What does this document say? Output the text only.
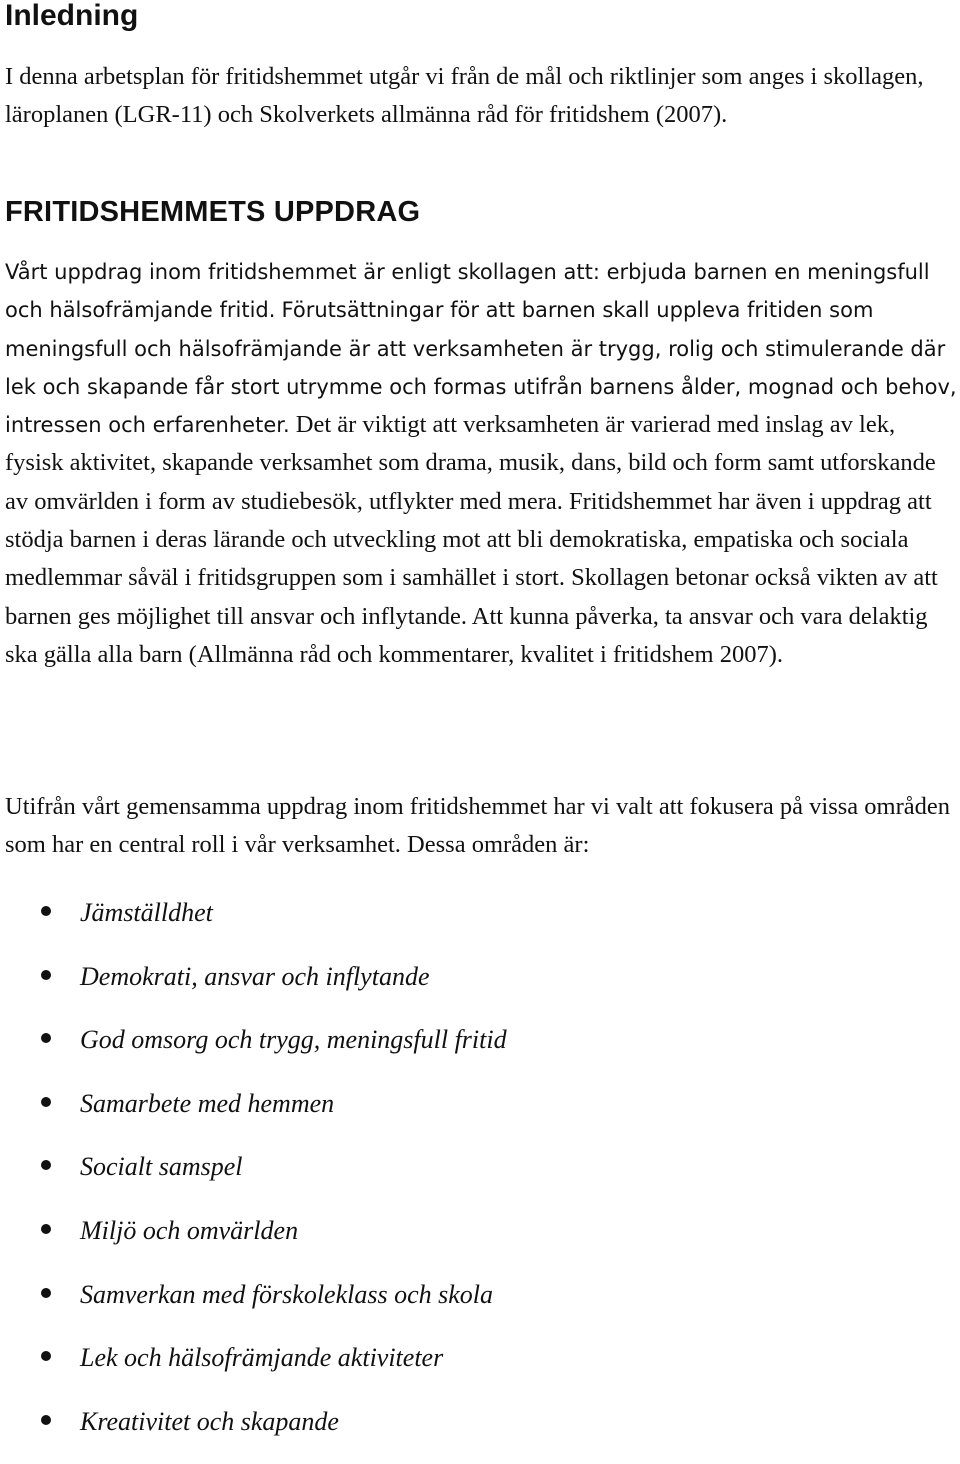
Inledning

I denna arbetsplan för fritidshemmet utgår vi från de mål och riktlinjer som anges i skollagen, läroplanen (LGR-11) och Skolverkets allmänna råd för fritidshem (2007).

FRITIDSHEMMETS UPPDRAG

Vårt uppdrag inom fritidshemmet är enligt skollagen att: erbjuda barnen en meningsfull och hälsofrämjande fritid. Förutsättningar för att barnen skall uppleva fritiden som meningsfull och hälsofrämjande är att verksamheten är trygg, rolig och stimulerande där lek och skapande får stort utrymme och formas utifrån barnens ålder, mognad och behov, intressen och erfarenheter. Det är viktigt att verksamheten är varierad med inslag av lek, fysisk aktivitet, skapande verksamhet som drama, musik, dans, bild och form samt utforskande av omvärlden i form av studiebesök, utflykter med mera. Fritidshemmet har även i uppdrag att stödja barnen i deras lärande och utveckling mot att bli demokratiska, empatiska och sociala medlemmar såväl i fritidsgruppen som i samhället i stort. Skollagen betonar också vikten av att barnen ges möjlighet till ansvar och inflytande. Att kunna påverka, ta ansvar och vara delaktig ska gälla alla barn (Allmänna råd och kommentarer, kvalitet i fritidshem 2007).

Utifrån vårt gemensamma uppdrag inom fritidshemmet har vi valt att fokusera på vissa områden som har en central roll i vår verksamhet. Dessa områden är:

Jämställdhet
Demokrati, ansvar och inflytande
God omsorg och trygg, meningsfull fritid
Samarbete med hemmen
Socialt samspel
Miljö och omvärlden
Samverkan med förskoleklass och skola
Lek och hälsofrämjande aktiviteter
Kreativitet och skapande
